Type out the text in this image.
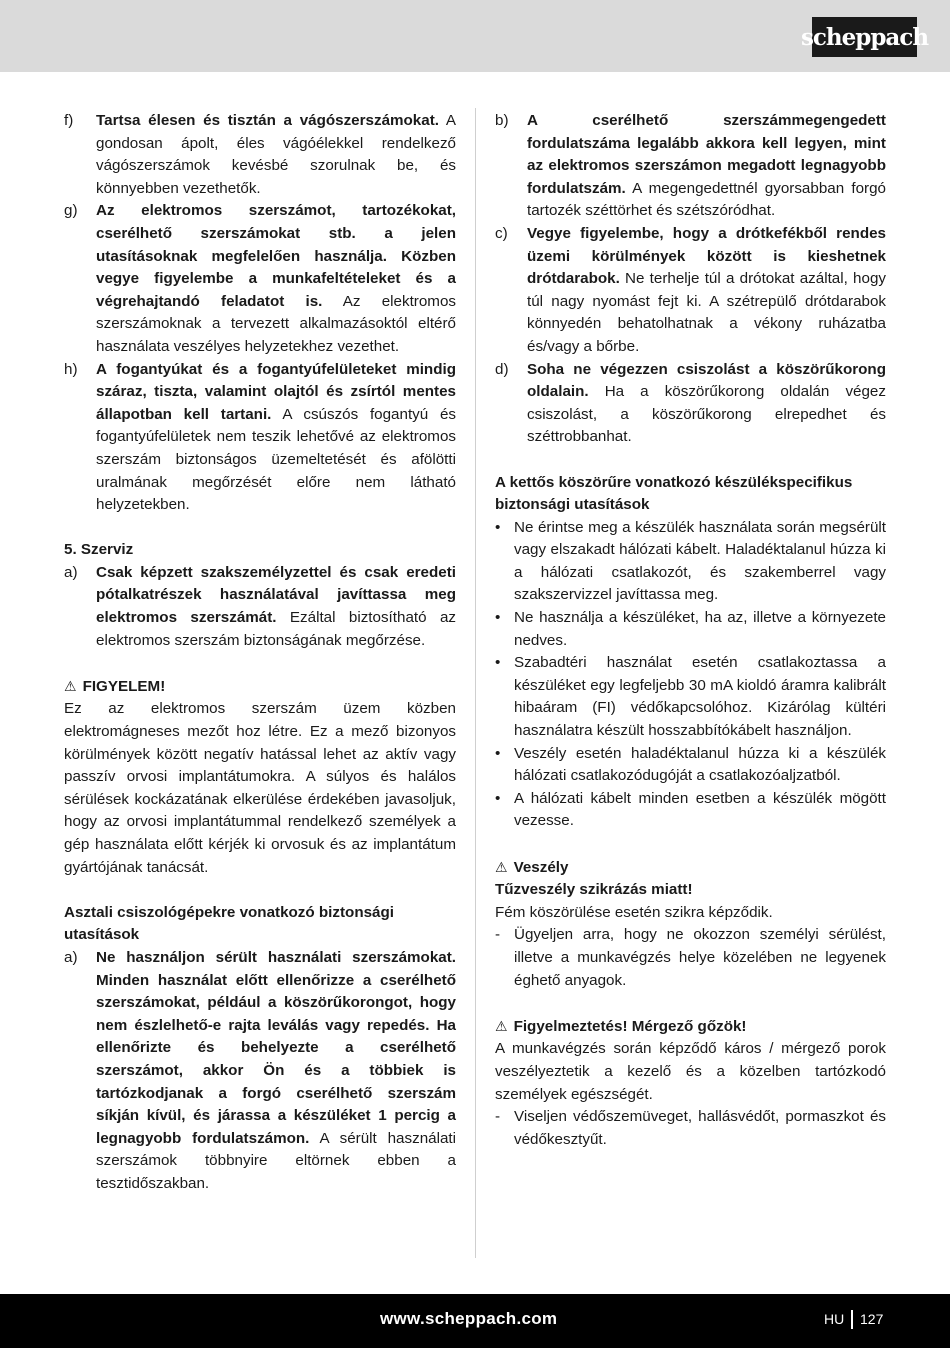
scheppach
f)	Tartsa élesen és tisztán a vágószerszámokat. A gondosan ápolt, éles vágóélekkel rendelkező vágószerszámok kevésbé szorulnak be, és könnyebben vezethetők.
g)	Az elektromos szerszámot, tartozékokat, cserélhető szerszámokat stb. a jelen utasításoknak megfelelően használja. Közben vegye figyelembe a munkafeltételeket és a végrehajtandó feladatot is. Az elektromos szerszámoknak a tervezett alkalmazásoktól eltérő használata veszélyes helyzetekhez vezethet.
h)	A fogantyúkat és a fogantyúfelületeket mindig száraz, tiszta, valamint olajtól és zsírtól mentes állapotban kell tartani. A csúszós fogantyú és fogantyúfelületek nem teszik lehetővé az elektromos szerszám biztonságos üzemeltetését és afölötti uralmának megőrzését előre nem látható helyzetekben.

5. Szerviz

a)	Csak képzett szakszemélyzettel és csak eredeti pótalkatrészek használatával javíttassa meg elektromos szerszámát. Ezáltal biztosítható az elektromos szerszám biztonságának megőrzése.

⚠ FIGYELEM!

Ez az elektromos szerszám üzem közben elektromágneses mezőt hoz létre. Ez a mező bizonyos körülmények között negatív hatással lehet az aktív vagy passzív orvosi implantátumokra. A súlyos és halálos sérülések kockázatának elkerülése érdekében javasoljuk, hogy az orvosi implantátummal rendelkező személyek a gép használata előtt kérjék ki orvosuk és az implantátum gyártójának tanácsát.

Asztali csiszológépekre vonatkozó biztonsági utasítások

a)	Ne használjon sérült használati szerszámokat. Minden használat előtt ellenőrizze a cserélhető szerszámokat, például a köszörűkorongot, hogy nem észlelhető-e rajta leválás vagy repedés. Ha ellenőrizte és behelyezte a cserélhető szerszámot, akkor Ön és a többiek is tartózkodjanak a forgó cserélhető szerszám síkján kívül, és járassa a készüléket 1 percig a legnagyobb fordulatszámon. A sérült használati szerszámok többnyire eltörnek ebben a tesztidőszakban.
b)	A cserélhető szerszámmegengedett fordulatszáma legalább akkora kell legyen, mint az elektromos szerszámon megadott legnagyobb fordulatszám. A megengedettnél gyorsabban forgó tartozék széttörhet és szétszóródhat.
c)	Vegye figyelembe, hogy a drótkefékből rendes üzemi körülmények között is kieshetnek drótdarabok. Ne terhelje túl a drótokat azáltal, hogy túl nagy nyomást fejt ki. A szétrepülő drótdarabok könnyedén behatolhatnak a vékony ruházatba és/vagy a bőrbe.
d)	Soha ne végezzen csiszolást a köszörűkorong oldalain. Ha a köszörűkorong oldalán végez csiszolást, a köszörűkorong elrepedhet és széttrobbanhat.

A kettős köszörűre vonatkozó készülékspecifikus biztonsági utasítások

• Ne érintse meg a készülék használata során megsérült vagy elszakadt hálózati kábelt. Haladéktalanul húzza ki a hálózati csatlakozót, és szakemberrel vagy szakszervizzel javíttassa meg.
• Ne használja a készüléket, ha az, illetve a környezete nedves.
• Szabadtéri használat esetén csatlakoztassa a készüléket egy legfeljebb 30 mA kioldó áramra kalibrált hibaáram (FI) védőkapcsolóhoz. Kizárólag kültéri használatra készült hosszabbítókábelt használjon.
• Veszély esetén haladéktalanul húzza ki a készülék hálózati csatlakozódugóját a csatlakozóaljzatból.
• A hálózati kábelt minden esetben a készülék mögött vezesse.

⚠ Veszély

Tűzveszély szikrázás miatt!

Fém köszörülése esetén szikra képződik.

- Ügyeljen arra, hogy ne okozzon személyi sérülést, illetve a munkavégzés helye közelében ne legyenek éghető anyagok.

⚠ Figyelmeztetés! Mérgező gőzök!

A munkavégzés során képződő káros / mérgező porok veszélyeztetik a kezelő és a közelben tartózkodó személyek egészségét.

- Viseljen védőszemüveget, hallásvédőt, pormaszkot és védőkesztyűt.
www.scheppach.com	HU 127
